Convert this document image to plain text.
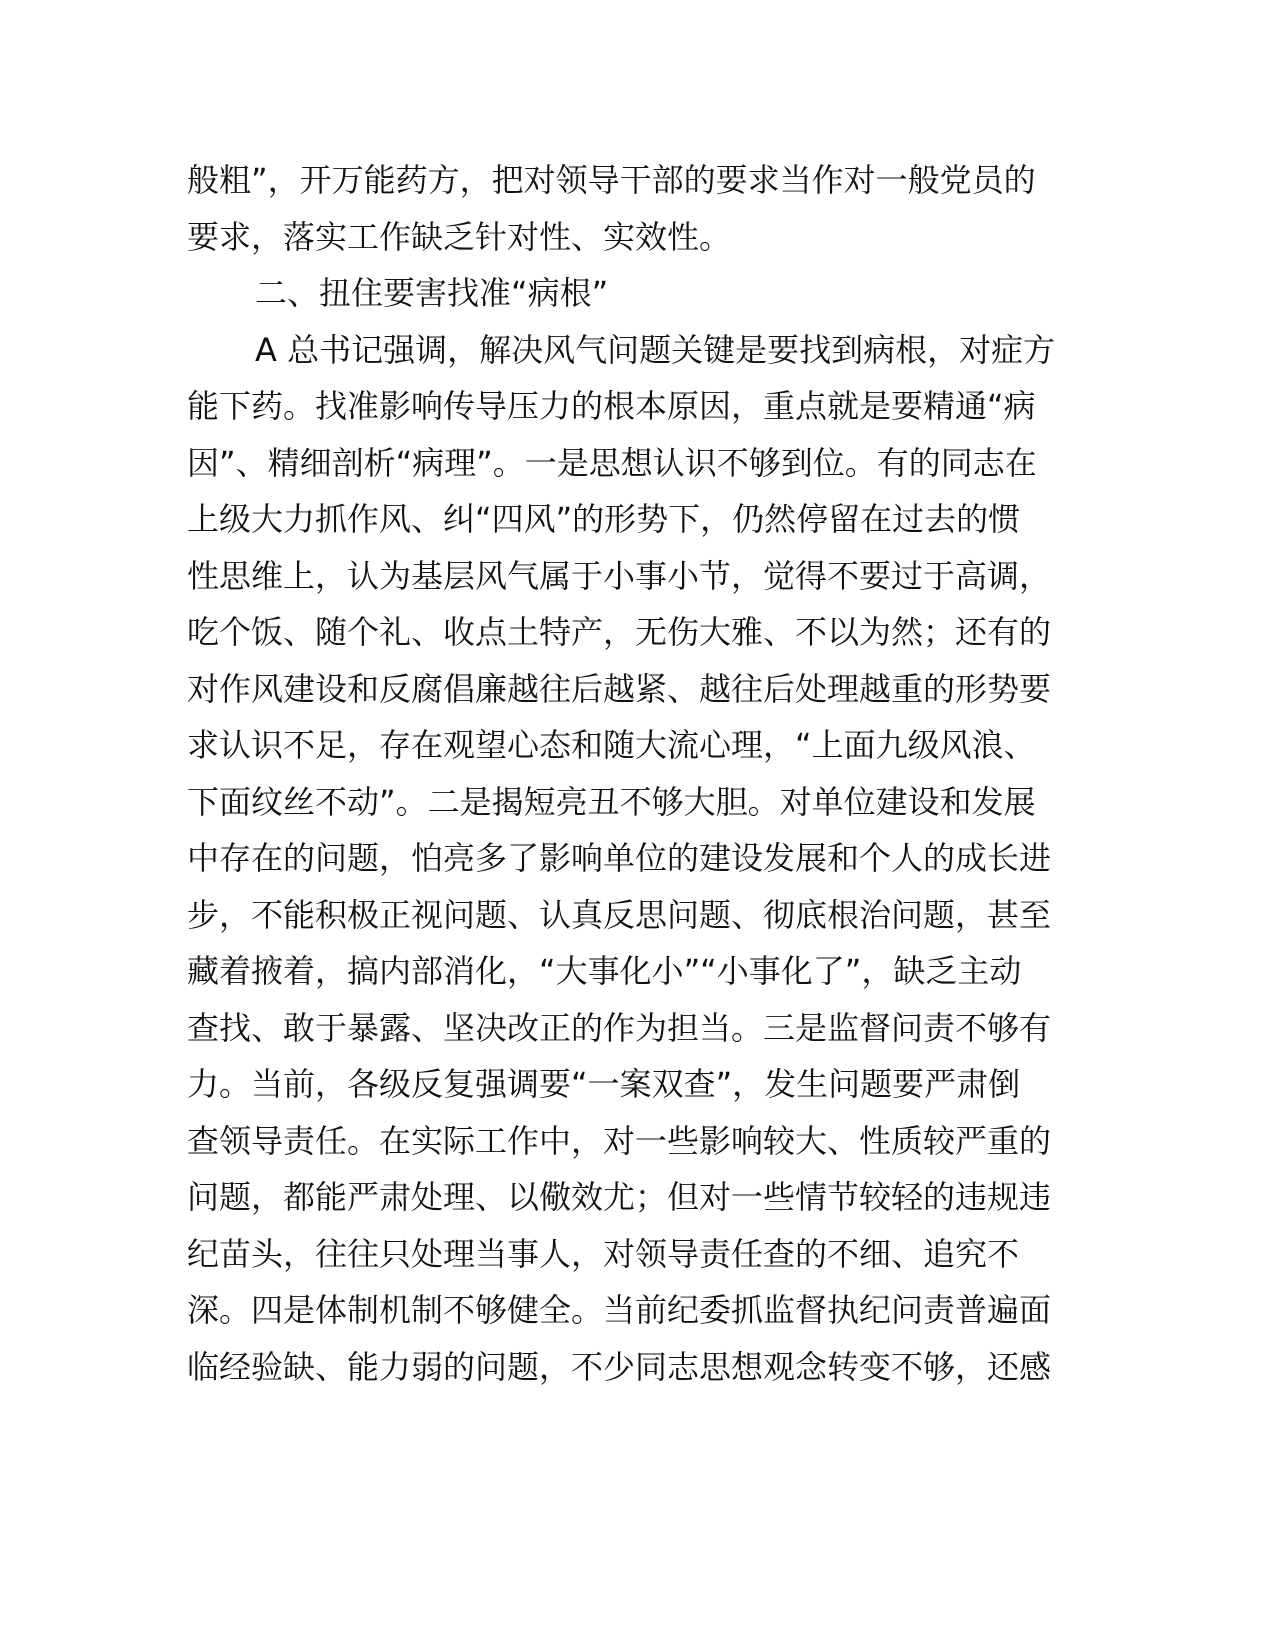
般粗”，开万能药方，把对领导干部的要求当作对一般党员的
要求，落实工作缺乏针对性、实效性。
二、扭住要害找准“病根”
A 总书记强调，解决风气问题关键是要找到病根，对症方
能下药。找准影响传导压力的根本原因，重点就是要精通“病
因”、精细剖析“病理”。一是思想认识不够到位。有的同志在
上级大力抓作风、纠“四风”的形势下，仍然停留在过去的惯
性思维上，认为基层风气属于小事小节，觉得不要过于高调，
吃个饭、随个礼、收点土特产，无伤大雅、不以为然；还有的
对作风建设和反腐倡廉越往后越紧、越往后处理越重的形势要
求认识不足，存在观望心态和随大流心理，“上面九级风浪、
下面纹丝不动”。二是揭短亮丑不够大胆。对单位建设和发展
中存在的问题，怕亮多了影响单位的建设发展和个人的成长进
步，不能积极正视问题、认真反思问题、彻底根治问题，甚至
藏着掖着，搞内部消化，“大事化小”“小事化了”，缺乏主动
查找、敢于暴露、坚决改正的作为担当。三是监督问责不够有
力。当前，各级反复强调要“一案双查”，发生问题要严肃倒
查领导责任。在实际工作中，对一些影响较大、性质较严重的
问题，都能严肃处理、以儆效尤；但对一些情节较轻的违规违
纪苗头，往往只处理当事人，对领导责任查的不细、追究不
深。四是体制机制不够健全。当前纪委抓监督执纪问责普遍面
临经验缺、能力弱的问题，不少同志思想观念转变不够，还感
